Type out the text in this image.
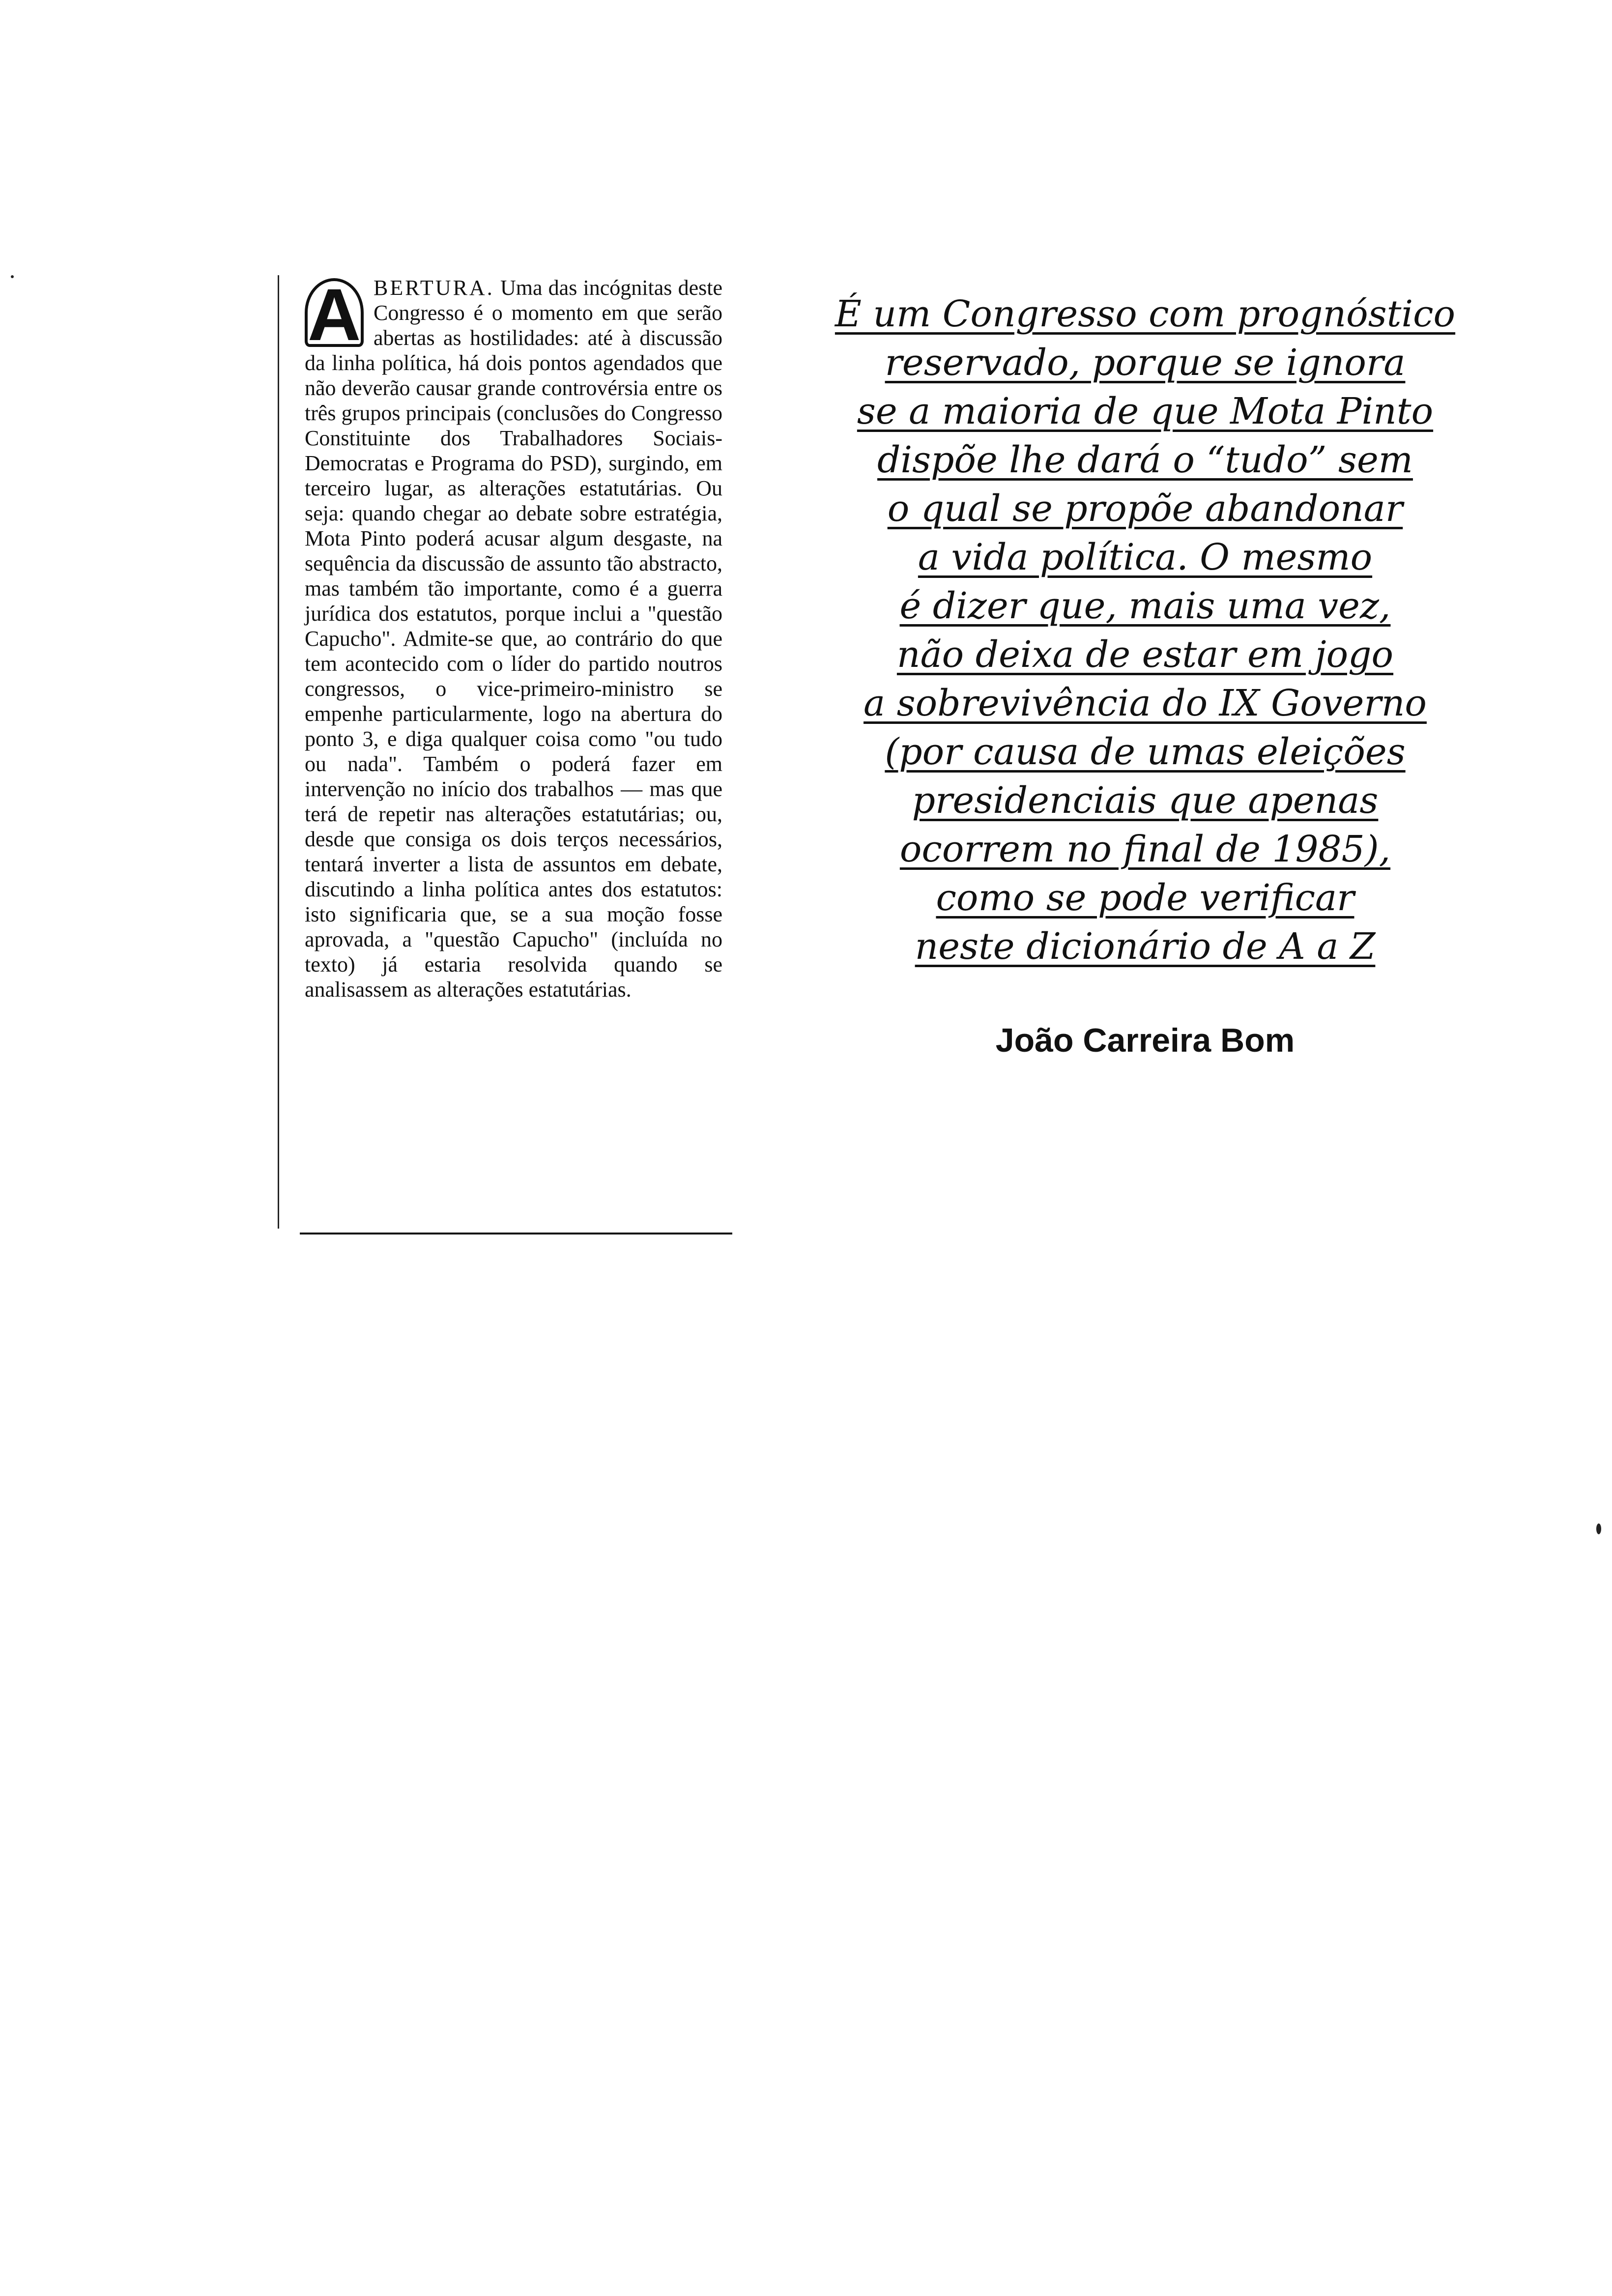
A BERTURA. Uma das incógnitas deste Congresso é o momento em que serão abertas as hostilidades: até à discussão da linha política, há dois pontos agendados que não deverão causar grande controvérsia entre os três grupos principais (conclusões do Congresso Constituinte dos Trabalhadores Sociais-Democratas e Programa do PSD), surgindo, em terceiro lugar, as alterações estatutárias. Ou seja: quando chegar ao debate sobre estratégia, Mota Pinto poderá acusar algum desgaste, na sequência da discussão de assunto tão abstracto, mas também tão importante, como é a guerra jurídica dos estatutos, porque inclui a "questão Capucho". Admite-se que, ao contrário do que tem acontecido com o líder do partido noutros congressos, o vice-primeiro-ministro se empenhe particularmente, logo na abertura do ponto 3, e diga qualquer coisa como "ou tudo ou nada". Também o poderá fazer em intervenção no início dos trabalhos — mas que terá de repetir nas alterações estatutárias; ou, desde que consiga os dois terços necessários, tentará inverter a lista de assuntos em debate, discutindo a linha política antes dos estatutos: isto significaria que, se a sua moção fosse aprovada, a "questão Capucho" (incluída no texto) já estaria resolvida quando se analisassem as alterações estatutárias.

É um Congresso com prognóstico
reservado, porque se ignora
se a maioria de que Mota Pinto
dispõe lhe dará o “tudo” sem
o qual se propõe abandonar
a vida política. O mesmo
é dizer que, mais uma vez,
não deixa de estar em jogo
a sobrevivência do IX Governo
(por causa de umas eleições
presidenciais que apenas
ocorrem no final de 1985),
como se pode verificar
neste dicionário de A a Z
João Carreira Bom
